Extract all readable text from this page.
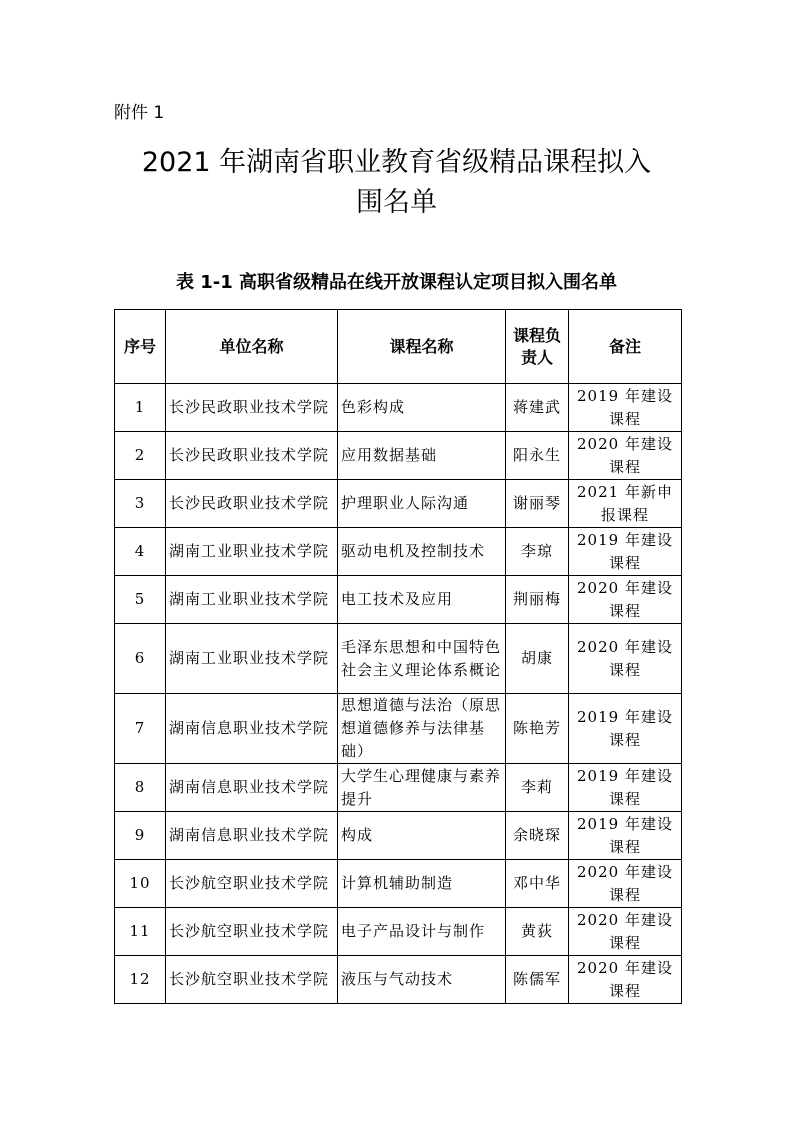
附件 1
2021 年湖南省职业教育省级精品课程拟入
围名单
表 1-1 高职省级精品在线开放课程认定项目拟入围名单
序号	单位名称	课程名称	课程负责人	备注
1	长沙民政职业技术学院	色彩构成	蒋建武	2019 年建设课程
2	长沙民政职业技术学院	应用数据基础	阳永生	2020 年建设课程
3	长沙民政职业技术学院	护理职业人际沟通	谢丽琴	2021 年新申报课程
4	湖南工业职业技术学院	驱动电机及控制技术	李琼	2019 年建设课程
5	湖南工业职业技术学院	电工技术及应用	荆丽梅	2020 年建设课程
6	湖南工业职业技术学院	毛泽东思想和中国特色社会主义理论体系概论	胡康	2020 年建设课程
7	湖南信息职业技术学院	思想道德与法治（原思想道德修养与法律基础）	陈艳芳	2019 年建设课程
8	湖南信息职业技术学院	大学生心理健康与素养提升	李莉	2019 年建设课程
9	湖南信息职业技术学院	构成	余晓琛	2019 年建设课程
10	长沙航空职业技术学院	计算机辅助制造	邓中华	2020 年建设课程
11	长沙航空职业技术学院	电子产品设计与制作	黄荻	2020 年建设课程
12	长沙航空职业技术学院	液压与气动技术	陈儒军	2020 年建设课程
